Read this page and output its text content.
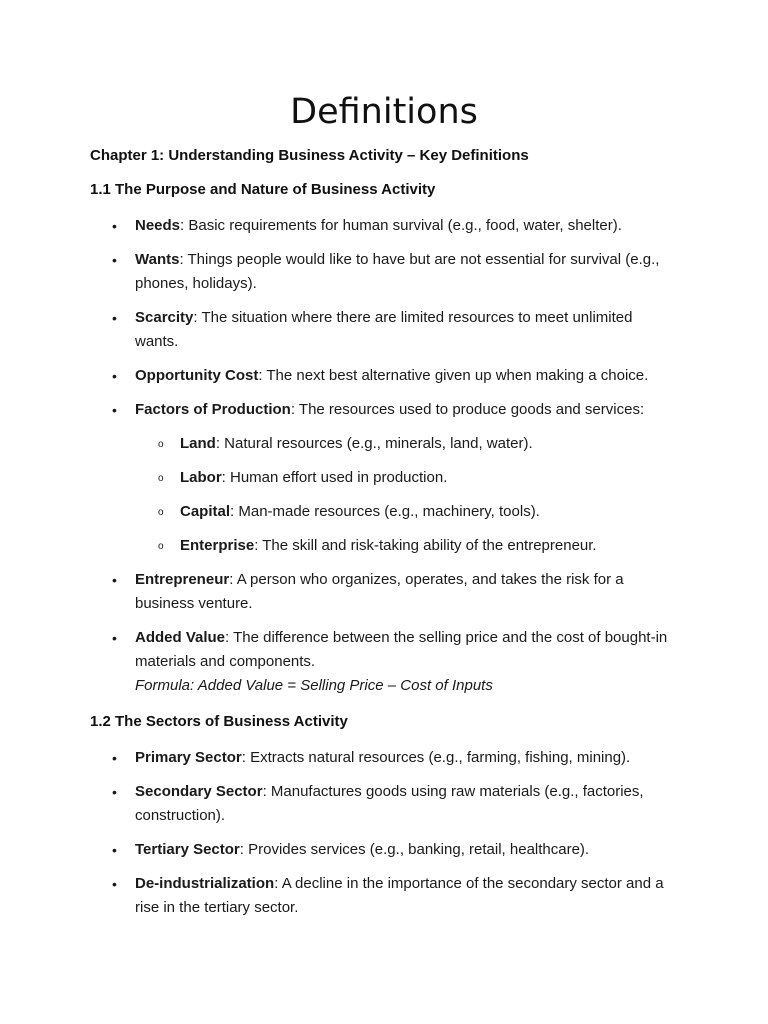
Definitions
Chapter 1: Understanding Business Activity – Key Definitions
1.1 The Purpose and Nature of Business Activity
• Needs: Basic requirements for human survival (e.g., food, water, shelter).
• Wants: Things people would like to have but are not essential for survival (e.g., phones, holidays).
• Scarcity: The situation where there are limited resources to meet unlimited wants.
• Opportunity Cost: The next best alternative given up when making a choice.
• Factors of Production: The resources used to produce goods and services:
o Land: Natural resources (e.g., minerals, land, water).
o Labor: Human effort used in production.
o Capital: Man-made resources (e.g., machinery, tools).
o Enterprise: The skill and risk-taking ability of the entrepreneur.
• Entrepreneur: A person who organizes, operates, and takes the risk for a business venture.
• Added Value: The difference between the selling price and the cost of bought-in materials and components.
Formula: Added Value = Selling Price – Cost of Inputs
1.2 The Sectors of Business Activity
• Primary Sector: Extracts natural resources (e.g., farming, fishing, mining).
• Secondary Sector: Manufactures goods using raw materials (e.g., factories, construction).
• Tertiary Sector: Provides services (e.g., banking, retail, healthcare).
• De-industrialization: A decline in the importance of the secondary sector and a rise in the tertiary sector.
